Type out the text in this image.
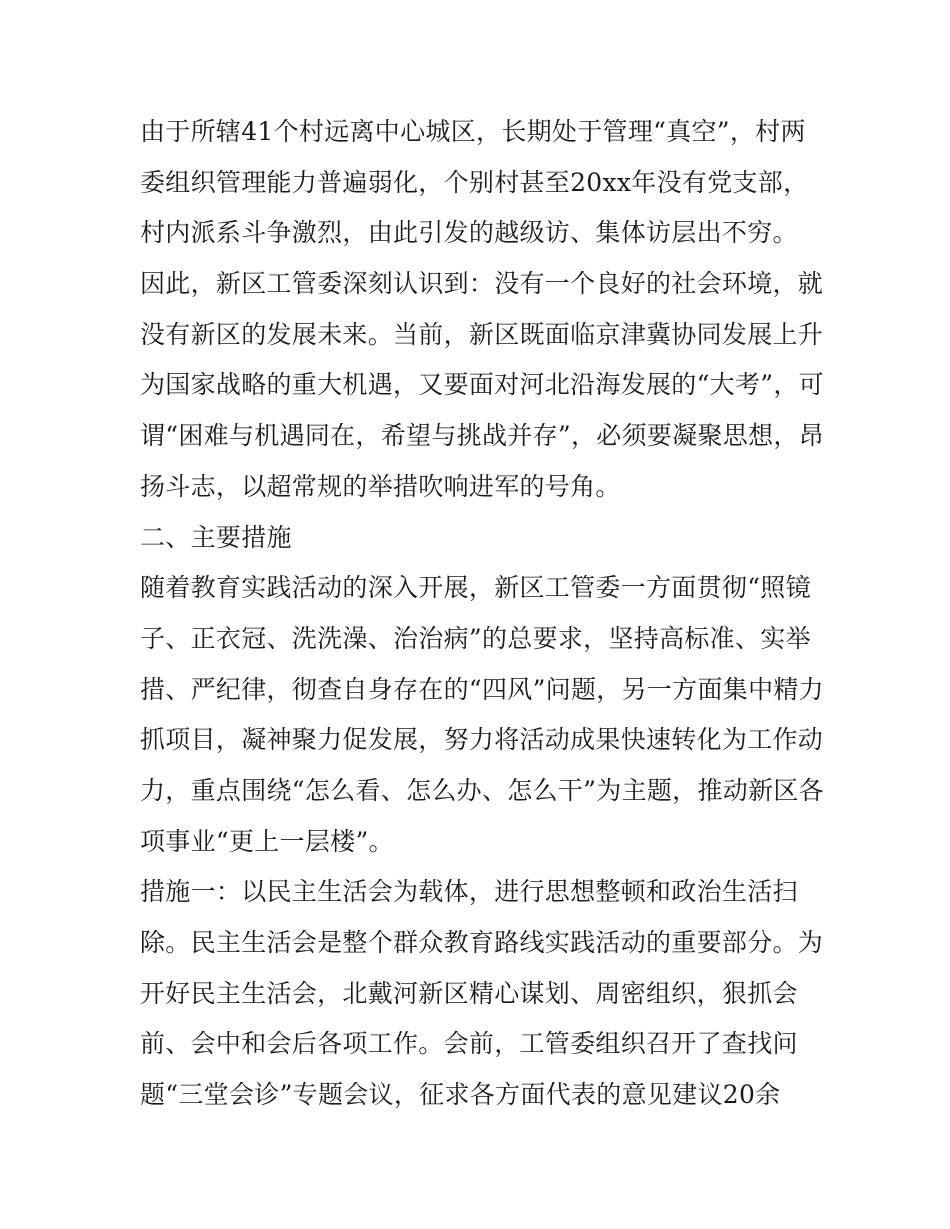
由于所辖41个村远离中心城区，长期处于管理“真空”，村两
委组织管理能力普遍弱化，个别村甚至20xx年没有党支部，
村内派系斗争激烈，由此引发的越级访、集体访层出不穷。
因此，新区工管委深刻认识到：没有一个良好的社会环境，就
没有新区的发展未来。当前，新区既面临京津冀协同发展上升
为国家战略的重大机遇，又要面对河北沿海发展的“大考”，可
谓“困难与机遇同在，希望与挑战并存”，必须要凝聚思想，昂
扬斗志，以超常规的举措吹响进军的号角。
二、主要措施
随着教育实践活动的深入开展，新区工管委一方面贯彻“照镜
子、正衣冠、洗洗澡、治治病”的总要求，坚持高标准、实举
措、严纪律，彻查自身存在的“四风”问题，另一方面集中精力
抓项目，凝神聚力促发展，努力将活动成果快速转化为工作动
力，重点围绕“怎么看、怎么办、怎么干”为主题，推动新区各
项事业“更上一层楼”。
措施一：以民主生活会为载体，进行思想整顿和政治生活扫
除。民主生活会是整个群众教育路线实践活动的重要部分。为
开好民主生活会，北戴河新区精心谋划、周密组织，狠抓会
前、会中和会后各项工作。会前，工管委组织召开了查找问
题“三堂会诊”专题会议，征求各方面代表的意见建议20余
